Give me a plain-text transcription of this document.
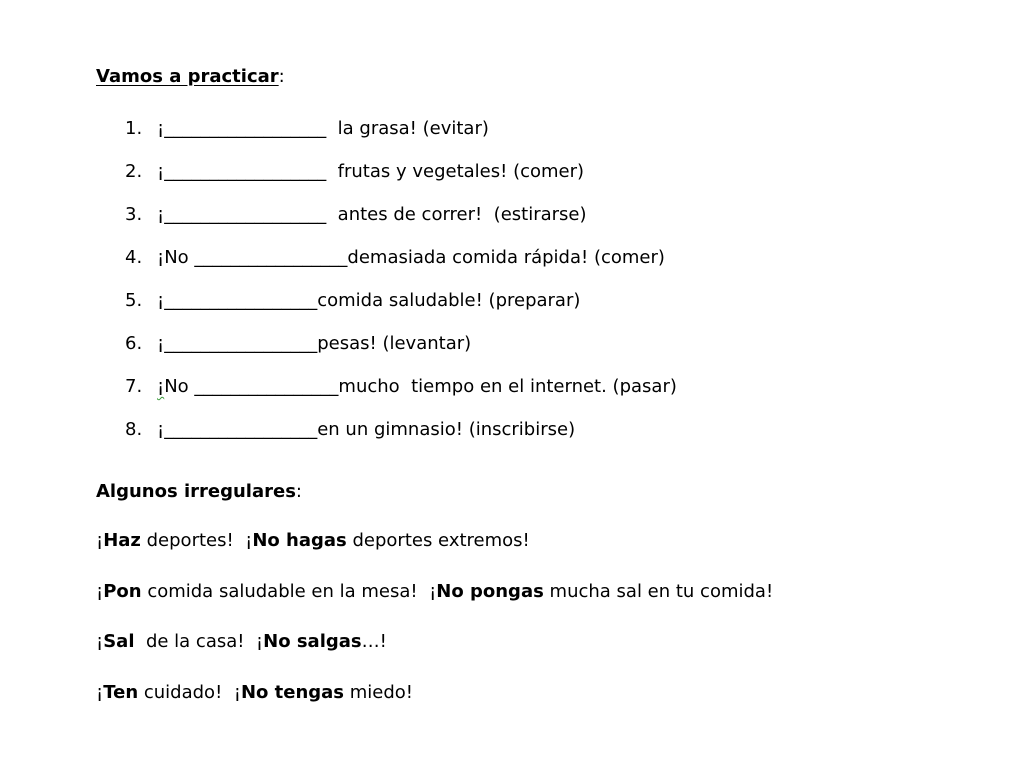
Vamos a practicar:
1. ¡__________________  la grasa! (evitar)
2. ¡__________________  frutas y vegetales! (comer)
3. ¡__________________  antes de correr!  (estirarse)
4. ¡No _________________demasiada comida rápida! (comer)
5. ¡_________________comida saludable! (preparar)
6. ¡_________________pesas! (levantar)
7. ¡No ________________mucho  tiempo en el internet. (pasar)
8. ¡_________________en un gimnasio! (inscribirse)
Algunos irregulares:
¡Haz deportes!  ¡No hagas deportes extremos!
¡Pon comida saludable en la mesa!  ¡No pongas mucha sal en tu comida!
¡Sal  de la casa!  ¡No salgas…!
¡Ten cuidado!  ¡No tengas miedo!
